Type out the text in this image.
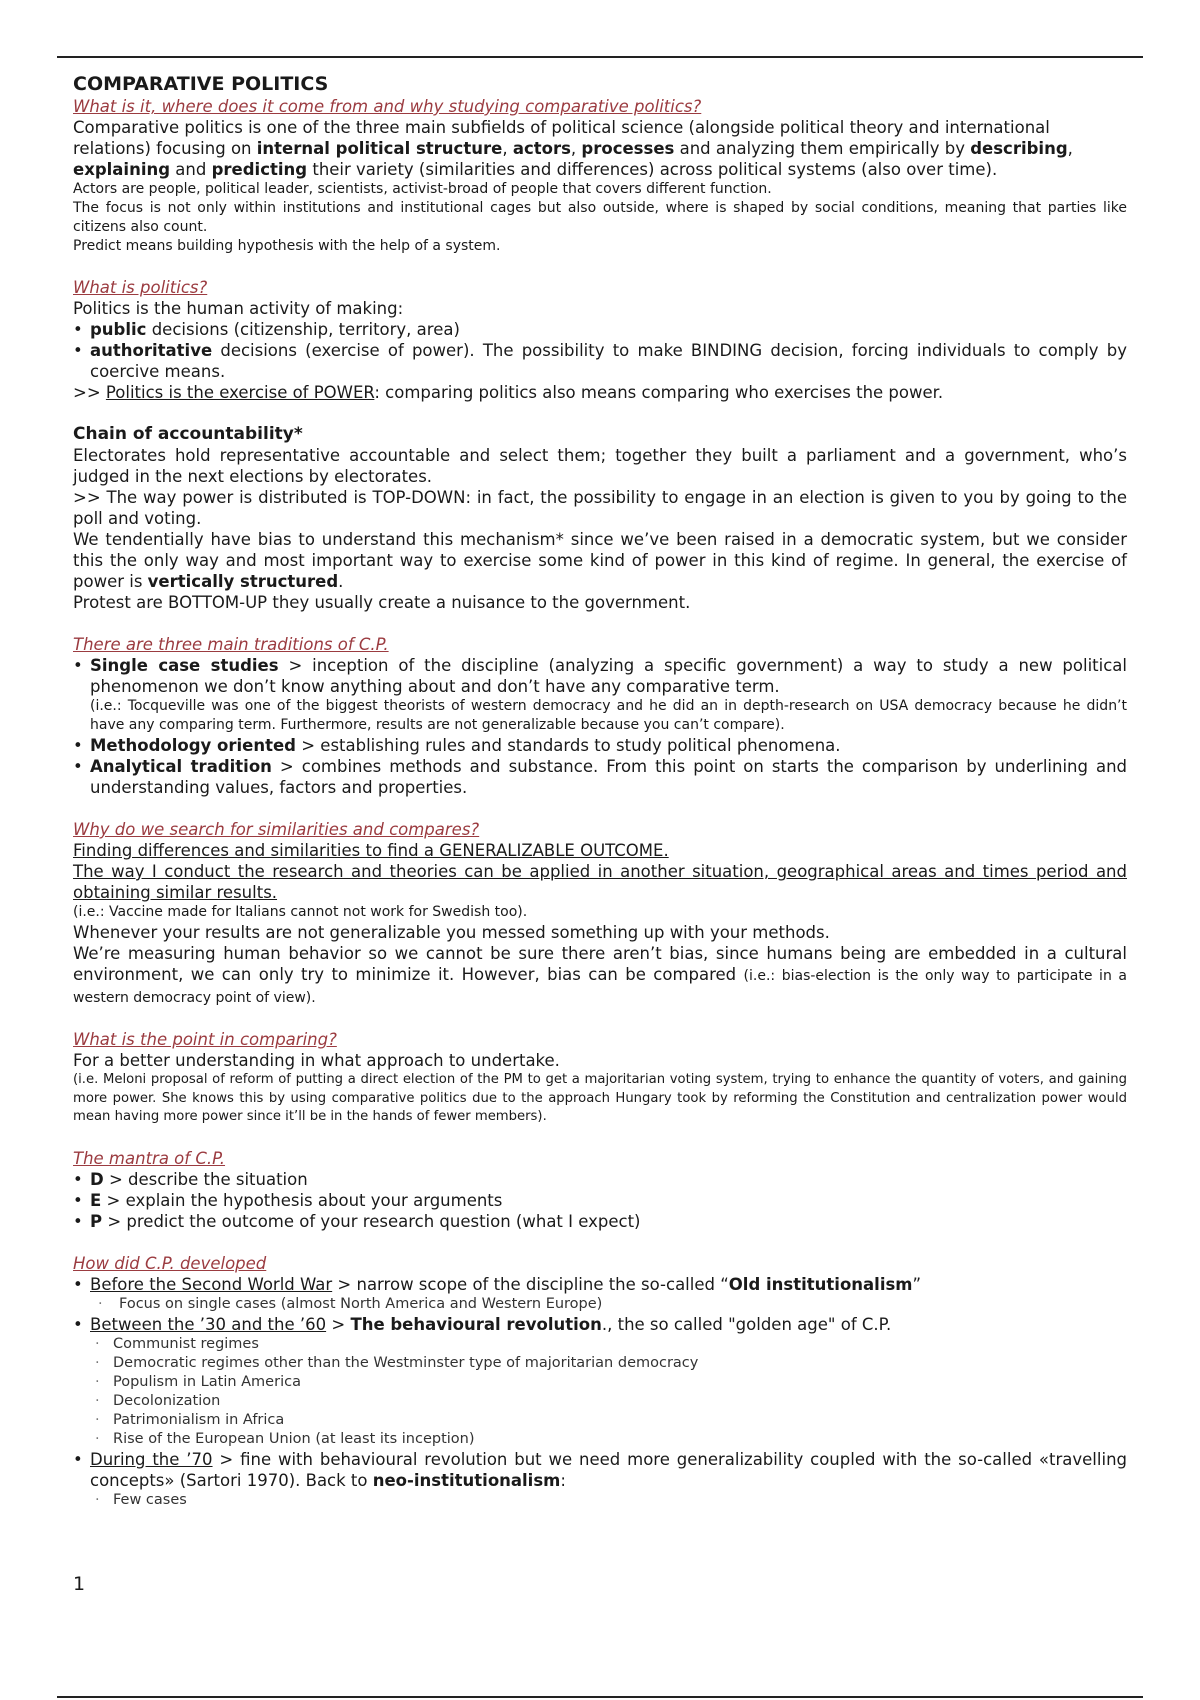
COMPARATIVE POLITICS

What is it, where does it come from and why studying comparative politics?

Comparative politics is one of the three main subfields of political science (alongside political theory and international relations) focusing on internal political structure, actors, processes and analyzing them empirically by describing, explaining and predicting their variety (similarities and differences) across political systems (also over time).

Actors are people, political leader, scientists, activist-broad of people that covers different function.

The focus is not only within institutions and institutional cages but also outside, where is shaped by social conditions, meaning that parties like citizens also count.

Predict means building hypothesis with the help of a system.

What is politics?

Politics is the human activity of making:

• public decisions (citizenship, territory, area)
• authoritative decisions (exercise of power). The possibility to make BINDING decision, forcing individuals to comply by coercive means.

>> Politics is the exercise of POWER: comparing politics also means comparing who exercises the power.

Chain of accountability*

Electorates hold representative accountable and select them; together they built a parliament and a government, who’s judged in the next elections by electorates.

>> The way power is distributed is TOP-DOWN: in fact, the possibility to engage in an election is given to you by going to the poll and voting.

We tendentially have bias to understand this mechanism* since we’ve been raised in a democratic system, but we consider this the only way and most important way to exercise some kind of power in this kind of regime. In general, the exercise of power is vertically structured.

Protest are BOTTOM-UP they usually create a nuisance to the government.

There are three main traditions of C.P.

• Single case studies > inception of the discipline (analyzing a specific government) a way to study a new political phenomenon we don’t know anything about and don’t have any comparative term.
(i.e.: Tocqueville was one of the biggest theorists of western democracy and he did an in depth-research on USA democracy because he didn’t have any comparing term. Furthermore, results are not generalizable because you can’t compare).
• Methodology oriented > establishing rules and standards to study political phenomena.
• Analytical tradition > combines methods and substance. From this point on starts the comparison by underlining and understanding values, factors and properties.

Why do we search for similarities and compares?

Finding differences and similarities to find a GENERALIZABLE OUTCOME.

The way I conduct the research and theories can be applied in another situation, geographical areas and times period and obtaining similar results.

(i.e.: Vaccine made for Italians cannot not work for Swedish too).

Whenever your results are not generalizable you messed something up with your methods.

We’re measuring human behavior so we cannot be sure there aren’t bias, since humans being are embedded in a cultural environment, we can only try to minimize it. However, bias can be compared (i.e.: bias-election is the only way to participate in a western democracy point of view).

What is the point in comparing?

For a better understanding in what approach to undertake.

(i.e. Meloni proposal of reform of putting a direct election of the PM to get a majoritarian voting system, trying to enhance the quantity of voters, and gaining more power. She knows this by using comparative politics due to the approach Hungary took by reforming the Constitution and centralization power would mean having more power since it’ll be in the hands of fewer members).

The mantra of C.P.

• D > describe the situation
• E > explain the hypothesis about your arguments
• P > predict the outcome of your research question (what I expect)

How did C.P. developed

• Before the Second World War > narrow scope of the discipline the so-called “Old institutionalism”
· Focus on single cases (almost North America and Western Europe)
• Between the ’30 and the ’60 > The behavioural revolution., the so called "golden age" of C.P.
· Communist regimes
· Democratic regimes other than the Westminster type of majoritarian democracy
· Populism in Latin America
· Decolonization
· Patrimonialism in Africa
· Rise of the European Union (at least its inception)
• During the ’70 > fine with behavioural revolution but we need more generalizability coupled with the so-called «travelling concepts» (Sartori 1970). Back to neo-institutionalism:
· Few cases
1
